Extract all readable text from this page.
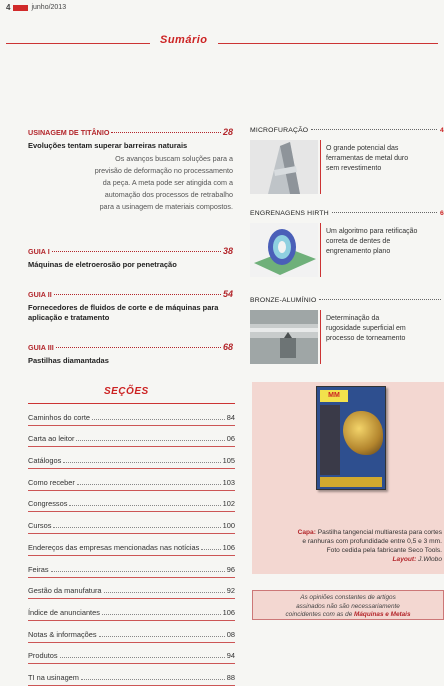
4	junho/2013
Sumário
USINAGEM DE TITÂNIO	28
Evoluções tentam superar barreiras naturais
Os avanços buscam soluções para a
previsão de deformação no processamento
da peça. A meta pode ser atingida com a
automação dos processos de retrabalho
para a usinagem de materiais compostos.
GUIA I	38
Máquinas de eletroerosão por penetração
GUIA II	54
Fornecedores de fluidos de corte e de máquinas para aplicação e tratamento
GUIA III	68
Pastilhas diamantadas
SEÇÕES
Caminhos do corte	84
Carta ao leitor	06
Catálogos	105
Como receber	103
Congressos	102
Cursos	100
Endereços das empresas mencionadas nas notícias	106
Feiras	96
Gestão da manufatura	92
Índice de anunciantes	106
Notas & informações	08
Produtos	94
TI na usinagem	88
MICROFURAÇÃO	4
O grande potencial das
ferramentas de metal duro
sem revestimento
ENGRENAGENS HIRTH	6
Um algoritmo para retificação
correta de dentes de
engrenamento plano
BRONZE-ALUMÍNIO
Determinação da
rugosidade superficial em
processo de torneamento
MM
Capa: Pastilha tangencial multiaresta para cortes
e ranhuras com profundidade entre 0,5 e 3 mm.
Foto cedida pela fabricante Seco Tools.
Layout: J.Wlobo
As opiniões constantes de artigos
assinados não são necessariamente
coincidentes com as de Máquinas e Metais
